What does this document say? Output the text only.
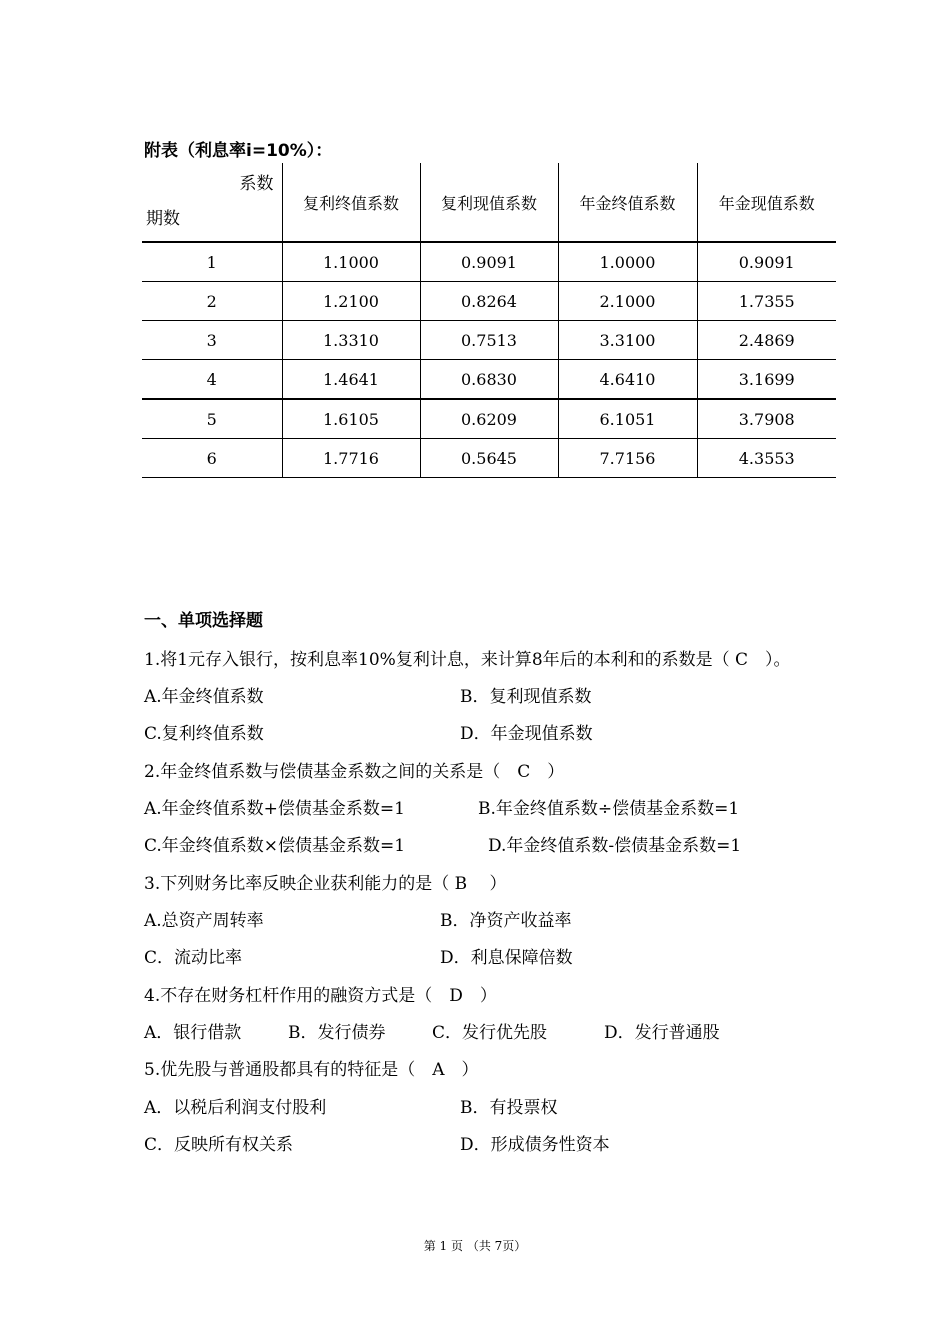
附表（利息率i=10%）：
系数
期数	复利终值系数	复利现值系数	年金终值系数	年金现值系数
1	1.1000	0.9091	1.0000	0.9091
2	1.2100	0.8264	2.1000	1.7355
3	1.3310	0.7513	3.3100	2.4869
4	1.4641	0.6830	4.6410	3.1699
5	1.6105	0.6209	6.1051	3.7908
6	1.7716	0.5645	7.7156	4.3553
一、单项选择题
1.将1元存入银行，按利息率10%复利计息，来计算8年后的本利和的系数是（ C　）。
A.年金终值系数	B．复利现值系数
C.复利终值系数	D．年金现值系数
2.年金终值系数与偿债基金系数之间的关系是（　C　）
A.年金终值系数+偿债基金系数=1	B.年金终值系数÷偿债基金系数=1
C.年金终值系数×偿债基金系数=1	D.年金终值系数-偿债基金系数=1
3.下列财务比率反映企业获利能力的是（ B　 ）
A.总资产周转率	B．净资产收益率
C．流动比率	D．利息保障倍数
4.不存在财务杠杆作用的融资方式是（　D　）
A．银行借款	B．发行债券	C．发行优先股	D．发行普通股
5.优先股与普通股都具有的特征是（　A　）
A．以税后利润支付股利	B．有投票权
C．反映所有权关系	D．形成债务性资本
第 1 页 （共 7页）
